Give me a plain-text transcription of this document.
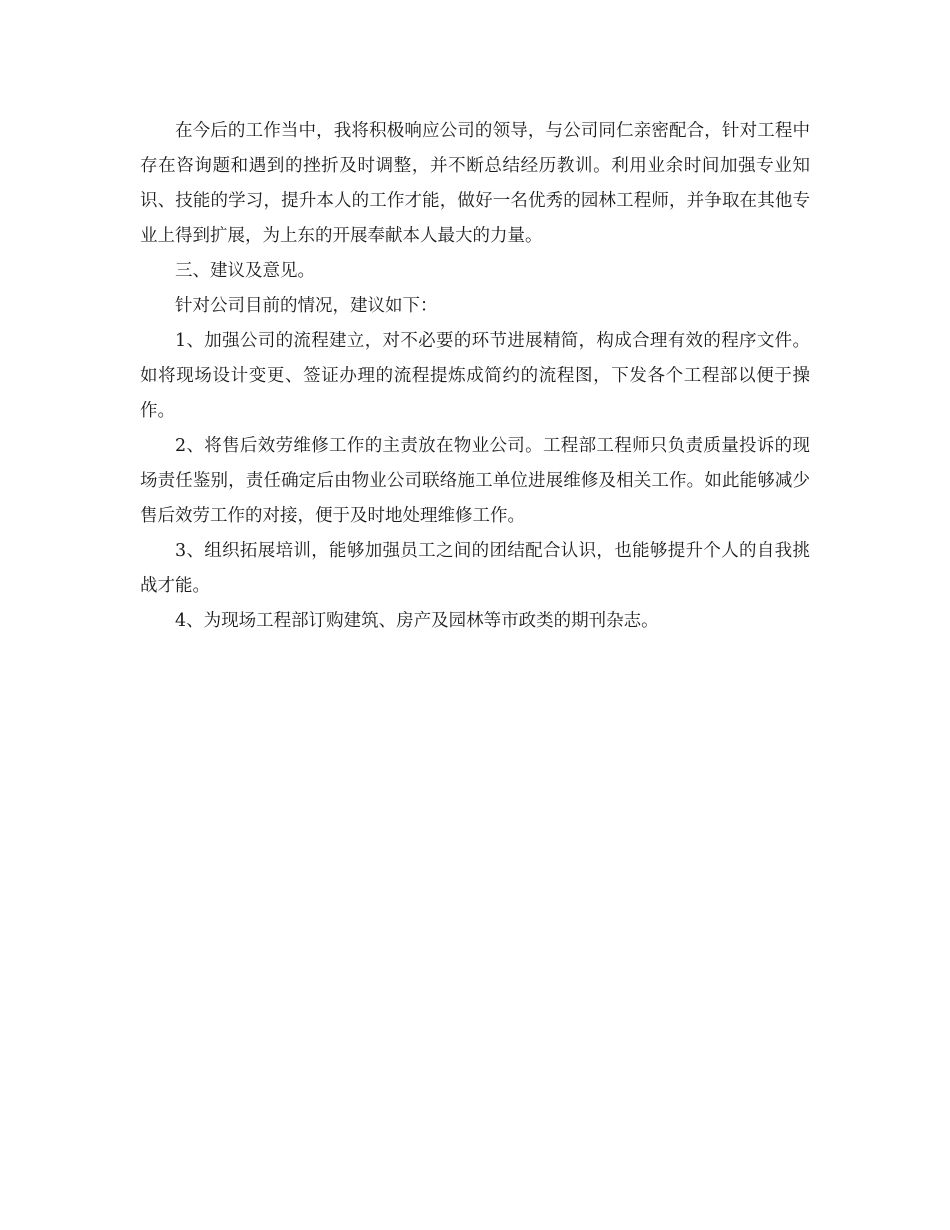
在今后的工作当中，我将积极响应公司的领导，与公司同仁亲密配合，针对工程中存在咨询题和遇到的挫折及时调整，并不断总结经历教训。利用业余时间加强专业知识、技能的学习，提升本人的工作才能，做好一名优秀的园林工程师，并争取在其他专业上得到扩展，为上东的开展奉献本人最大的力量。

三、建议及意见。

针对公司目前的情况，建议如下：

1、加强公司的流程建立，对不必要的环节进展精简，构成合理有效的程序文件。如将现场设计变更、签证办理的流程提炼成简约的流程图，下发各个工程部以便于操作。

2、将售后效劳维修工作的主责放在物业公司。工程部工程师只负责质量投诉的现场责任鉴别，责任确定后由物业公司联络施工单位进展维修及相关工作。如此能够减少售后效劳工作的对接，便于及时地处理维修工作。

3、组织拓展培训，能够加强员工之间的团结配合认识，也能够提升个人的自我挑战才能。

4、为现场工程部订购建筑、房产及园林等市政类的期刊杂志。
